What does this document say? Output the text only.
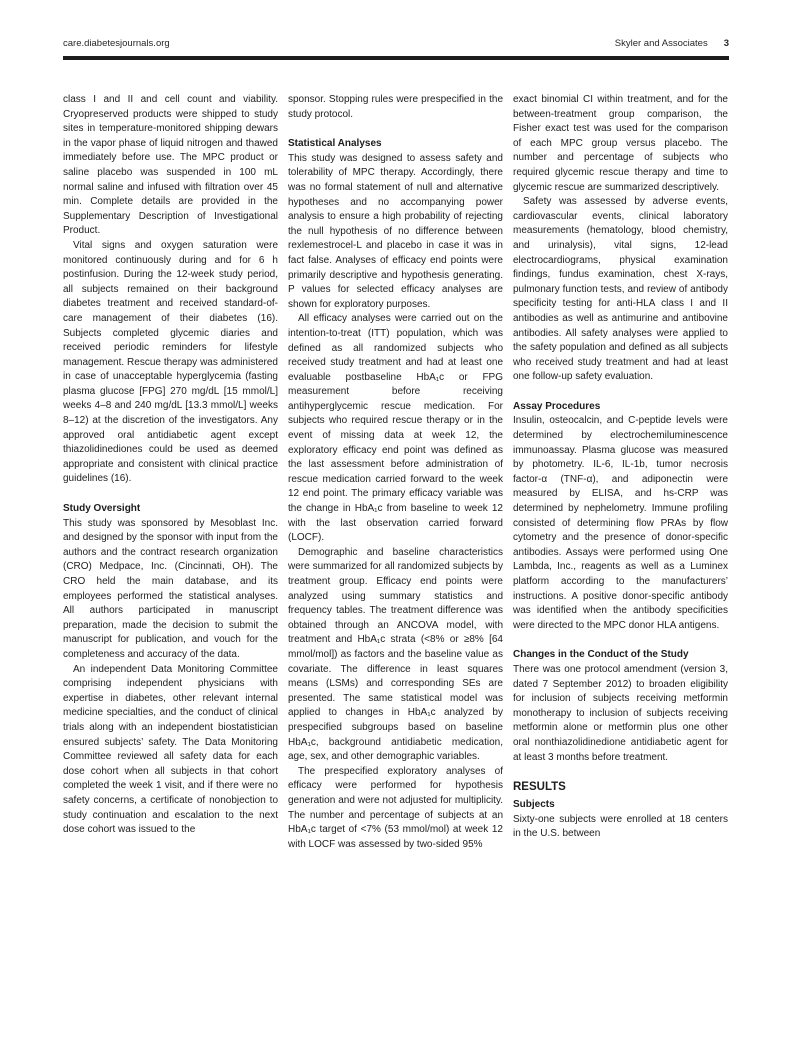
care.diabetesjournals.org	Skyler and Associates 3

class I and II and cell count and viability. Cryopreserved products were shipped to study sites in temperature-monitored shipping dewars in the vapor phase of liquid nitrogen and thawed immediately before use. The MPC product or saline placebo was suspended in 100 mL normal saline and infused with filtration over 45 min. Complete details are provided in the Supplementary Description of Investigational Product.

Vital signs and oxygen saturation were monitored continuously during and for 6 h postinfusion. During the 12-week study period, all subjects remained on their background diabetes treatment and received standard-of-care management of their diabetes (16). Subjects completed glycemic diaries and received periodic reminders for lifestyle management. Rescue therapy was administered in case of unacceptable hyperglycemia (fasting plasma glucose [FPG] 270 mg/dL [15 mmol/L] weeks 4–8 and 240 mg/dL [13.3 mmol/L] weeks 8–12) at the discretion of the investigators. Any approved oral antidiabetic agent except thiazolidinediones could be used as deemed appropriate and consistent with clinical practice guidelines (16).

Study Oversight

This study was sponsored by Mesoblast Inc. and designed by the sponsor with input from the authors and the contract research organization (CRO) Medpace, Inc. (Cincinnati, OH). The CRO held the main database, and its employees performed the statistical analyses. All authors participated in manuscript preparation, made the decision to submit the manuscript for publication, and vouch for the completeness and accuracy of the data.

An independent Data Monitoring Committee comprising independent physicians with expertise in diabetes, other relevant internal medicine specialties, and the conduct of clinical trials along with an independent biostatistician ensured subjects’ safety. The Data Monitoring Committee reviewed all safety data for each dose cohort when all subjects in that cohort completed the week 1 visit, and if there were no safety concerns, a certificate of nonobjection to study continuation and escalation to the next dose cohort was issued to the

sponsor. Stopping rules were prespecified in the study protocol.

Statistical Analyses

This study was designed to assess safety and tolerability of MPC therapy. Accordingly, there was no formal statement of null and alternative hypotheses and no accompanying power analysis to ensure a high probability of rejecting the null hypothesis of no difference between rexlemestrocel-L and placebo in case it was in fact false. Analyses of efficacy end points were primarily descriptive and hypothesis generating. P values for selected efficacy analyses are shown for exploratory purposes.

All efficacy analyses were carried out on the intention-to-treat (ITT) population, which was defined as all randomized subjects who received study treatment and had at least one evaluable postbaseline HbA₁c or FPG measurement before receiving antihyperglycemic rescue medication. For subjects who required rescue therapy or in the event of missing data at week 12, the exploratory efficacy end point was defined as the last assessment before administration of rescue medication carried forward to the week 12 end point. The primary efficacy variable was the change in HbA₁c from baseline to week 12 with the last observation carried forward (LOCF).

Demographic and baseline characteristics were summarized for all randomized subjects by treatment group. Efficacy end points were analyzed using summary statistics and frequency tables. The treatment difference was obtained through an ANCOVA model, with treatment and HbA₁c strata (<8% or ≥8% [64 mmol/mol]) as factors and the baseline value as covariate. The difference in least squares means (LSMs) and corresponding SEs are presented. The same statistical model was applied to changes in HbA₁c analyzed by prespecified subgroups based on baseline HbA₁c, background antidiabetic medication, age, sex, and other demographic variables.

The prespecified exploratory analyses of efficacy were performed for hypothesis generation and were not adjusted for multiplicity. The number and percentage of subjects at an HbA₁c target of <7% (53 mmol/mol) at week 12 with LOCF was assessed by two-sided 95%

exact binomial CI within treatment, and for the between-treatment group comparison, the Fisher exact test was used for the comparison of each MPC group versus placebo. The number and percentage of subjects who required glycemic rescue therapy and time to glycemic rescue are summarized descriptively.

Safety was assessed by adverse events, cardiovascular events, clinical laboratory measurements (hematology, blood chemistry, and urinalysis), vital signs, 12-lead electrocardiograms, physical examination findings, fundus examination, chest X-rays, pulmonary function tests, and review of antibody specificity testing for anti-HLA class I and II antibodies as well as antimurine and antibovine antibodies. All safety analyses were applied to the safety population and defined as all subjects who received study treatment and had at least one follow-up safety evaluation.

Assay Procedures

Insulin, osteocalcin, and C-peptide levels were determined by electrochemiluminescence immunoassay. Plasma glucose was measured by photometry. IL-6, IL-1b, tumor necrosis factor-α (TNF-α), and adiponectin were measured by ELISA, and hs-CRP was determined by nephelometry. Immune profiling consisted of determining flow PRAs by flow cytometry and the presence of donor-specific antibodies. Assays were performed using One Lambda, Inc., reagents as well as a Luminex platform according to the manufacturers’ instructions. A positive donor-specific antibody was identified when the antibody specificities were directed to the MPC donor HLA antigens.

Changes in the Conduct of the Study

There was one protocol amendment (version 3, dated 7 September 2012) to broaden eligibility for inclusion of subjects receiving metformin monotherapy to inclusion of subjects receiving metformin alone or metformin plus one other oral nonthiazolidinedione antidiabetic agent for at least 3 months before treatment.

RESULTS
Subjects

Sixty-one subjects were enrolled at 18 centers in the U.S. between
